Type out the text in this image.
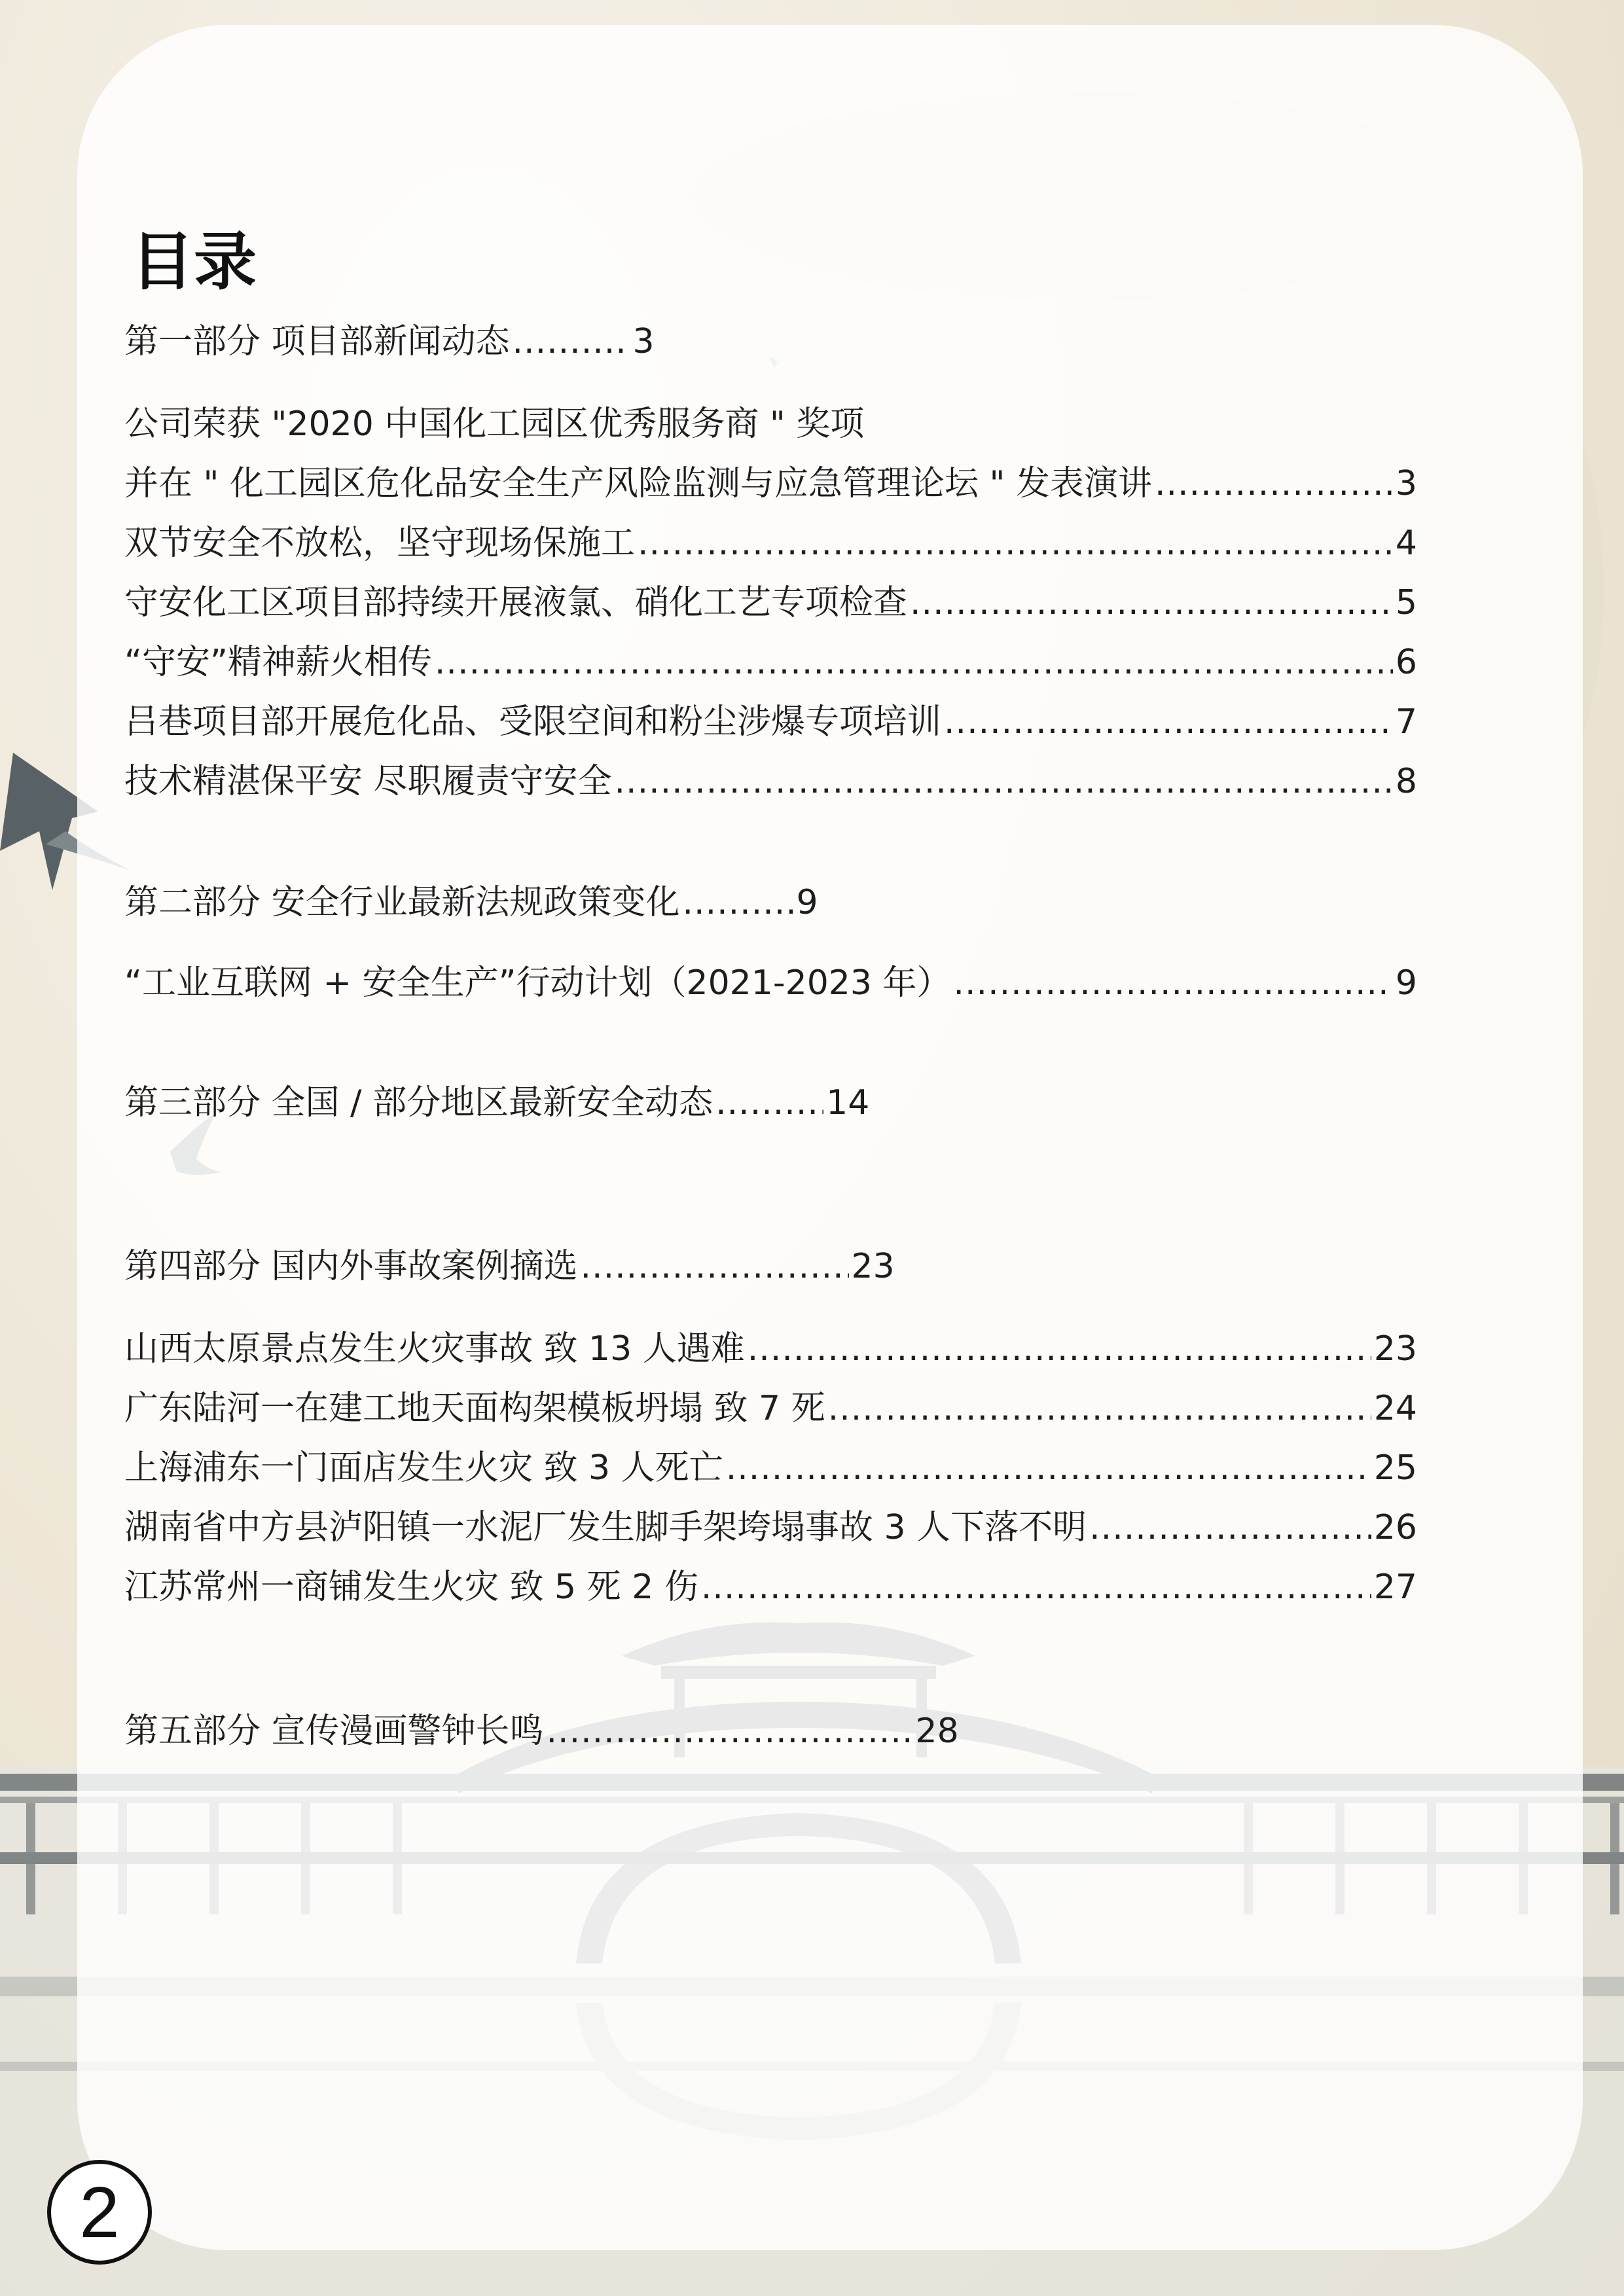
目录
第一部分 项目部新闻动态 .....	3
公司荣获 "2020 中国化工园区优秀服务商 " 奖项
并在 " 化工园区危化品安全生产风险监测与应急管理论坛 " 发表演讲 .....	3
双节安全不放松，坚守现场保施工 .....	4
守安化工区项目部持续开展液氯、硝化工艺专项检查 .....	5
“守安”精神薪火相传 .....	6
吕巷项目部开展危化品、受限空间和粉尘涉爆专项培训 .....	7
技术精湛保平安 尽职履责守安全 .....	8
第二部分 安全行业最新法规政策变化 .....	9
“工业互联网 + 安全生产”行动计划（2021-2023 年） .....	9
第三部分 全国 / 部分地区最新安全动态 .....	14
第四部分 国内外事故案例摘选 .....	23
山西太原景点发生火灾事故 致 13 人遇难 .....	23
广东陆河一在建工地天面构架模板坍塌 致 7 死 .....	24
上海浦东一门面店发生火灾 致 3 人死亡 .....	25
湖南省中方县泸阳镇一水泥厂发生脚手架垮塌事故 3 人下落不明 .....	26
江苏常州一商铺发生火灾 致 5 死 2 伤 .....	27
第五部分 宣传漫画警钟长鸣 .....	28
2
